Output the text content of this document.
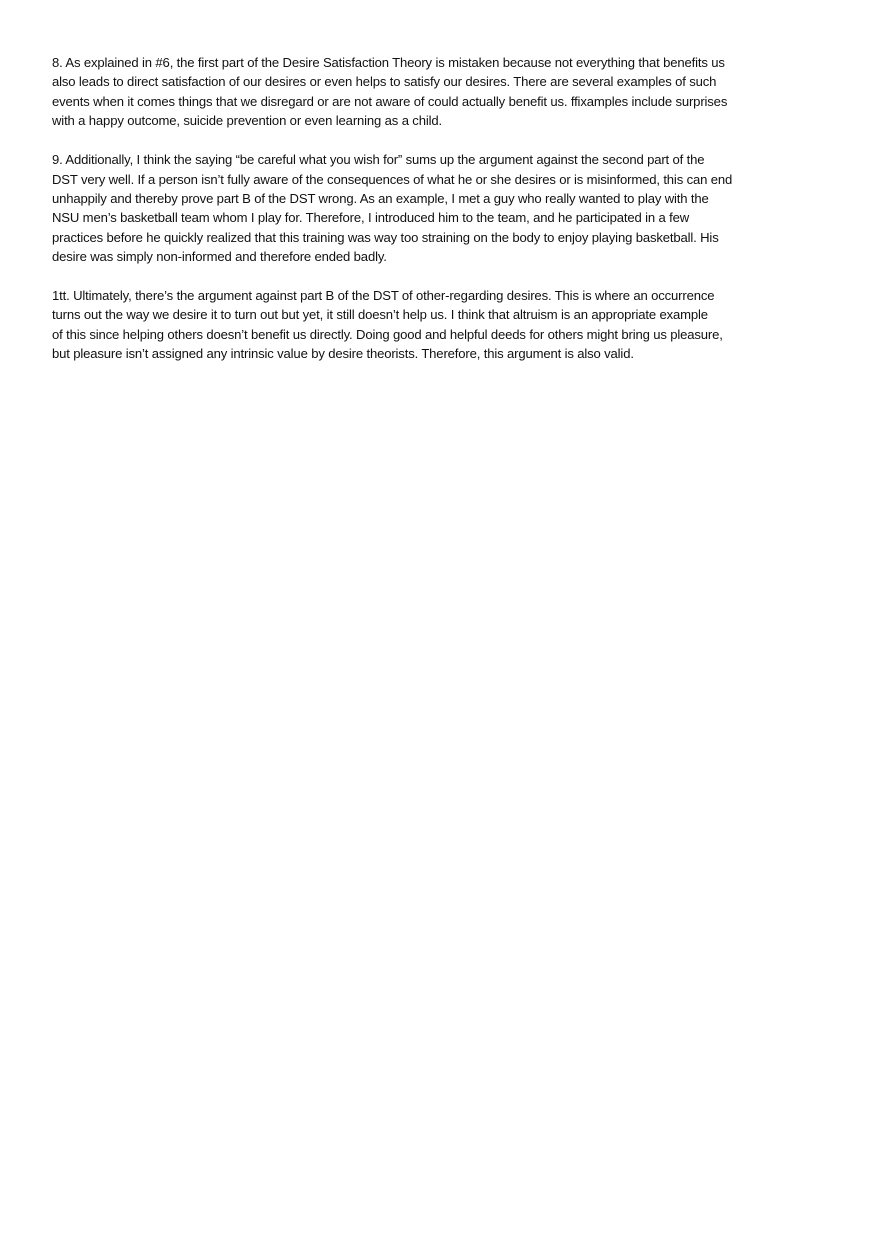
8. As explained in #6, the first part of the Desire Satisfaction Theory is mistaken because not everything that benefits us
also leads to direct satisfaction of our desires or even helps to satisfy our desires. There are several examples of such
events when it comes things that we disregard or are not aware of could actually benefit us. ffixamples include surprises
with a happy outcome, suicide prevention or even learning as a child.

9. Additionally, I think the saying “be careful what you wish for” sums up the argument against the second part of the
DST very well. If a person isn’t fully aware of the consequences of what he or she desires or is misinformed, this can end
unhappily and thereby prove part B of the DST wrong. As an example, I met a guy who really wanted to play with the
NSU men’s basketball team whom I play for. Therefore, I introduced him to the team, and he participated in a few
practices before he quickly realized that this training was way too straining on the body to enjoy playing basketball. His
desire was simply non-informed and therefore ended badly.

1tt. Ultimately, there’s the argument against part B of the DST of other-regarding desires. This is where an occurrence
turns out the way we desire it to turn out but yet, it still doesn’t help us. I think that altruism is an appropriate example
of this since helping others doesn’t benefit us directly. Doing good and helpful deeds for others might bring us pleasure,
but pleasure isn’t assigned any intrinsic value by desire theorists. Therefore, this argument is also valid.
